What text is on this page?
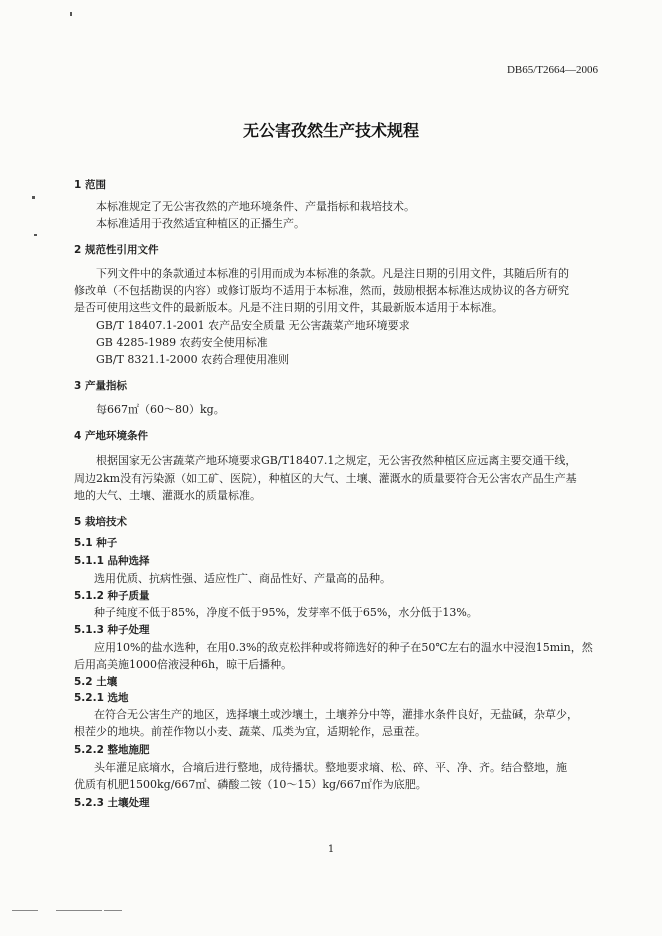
DB65/T2664—2006
无公害孜然生产技术规程
1 范围
本标准规定了无公害孜然的产地环境条件、产量指标和栽培技术。
本标准适用于孜然适宜种植区的正播生产。
2 规范性引用文件
下列文件中的条款通过本标准的引用而成为本标准的条款。凡是注日期的引用文件，其随后所有的
修改单（不包括勘误的内容）或修订版均不适用于本标准，然而，鼓励根据本标准达成协议的各方研究
是否可使用这些文件的最新版本。凡是不注日期的引用文件，其最新版本适用于本标准。
GB/T 18407.1-2001 农产品安全质量 无公害蔬菜产地环境要求
GB 4285-1989 农药安全使用标准
GB/T 8321.1-2000 农药合理使用准则
3 产量指标
每667㎡（60～80）kg。
4 产地环境条件
根据国家无公害蔬菜产地环境要求GB/T18407.1之规定，无公害孜然种植区应远离主要交通干线，
周边2km没有污染源（如工矿、医院），种植区的大气、土壤、灌溉水的质量要符合无公害农产品生产基
地的大气、土壤、灌溉水的质量标准。
5 栽培技术
5.1 种子
5.1.1 品种选择
选用优质、抗病性强、适应性广、商品性好、产量高的品种。
5.1.2 种子质量
种子纯度不低于85%，净度不低于95%，发芽率不低于65%，水分低于13%。
5.1.3 种子处理
应用10%的盐水选种，在用0.3%的敌克松拌种或将筛选好的种子在50℃左右的温水中浸泡15min，然
后用高美施1000倍液浸种6h，晾干后播种。
5.2 土壤
5.2.1 选地
在符合无公害生产的地区，选择壤土或沙壤土，土壤养分中等，灌排水条件良好，无盐碱，杂草少，
根茬少的地块。前茬作物以小麦、蔬菜、瓜类为宜，适期轮作，忌重茬。
5.2.2 整地施肥
头年灌足底墒水，合墒后进行整地，成待播状。整地要求墒、松、碎、平、净、齐。结合整地，施
优质有机肥1500kg/667㎡、磷酸二铵（10～15）kg/667㎡作为底肥。
5.2.3 土壤处理
1
